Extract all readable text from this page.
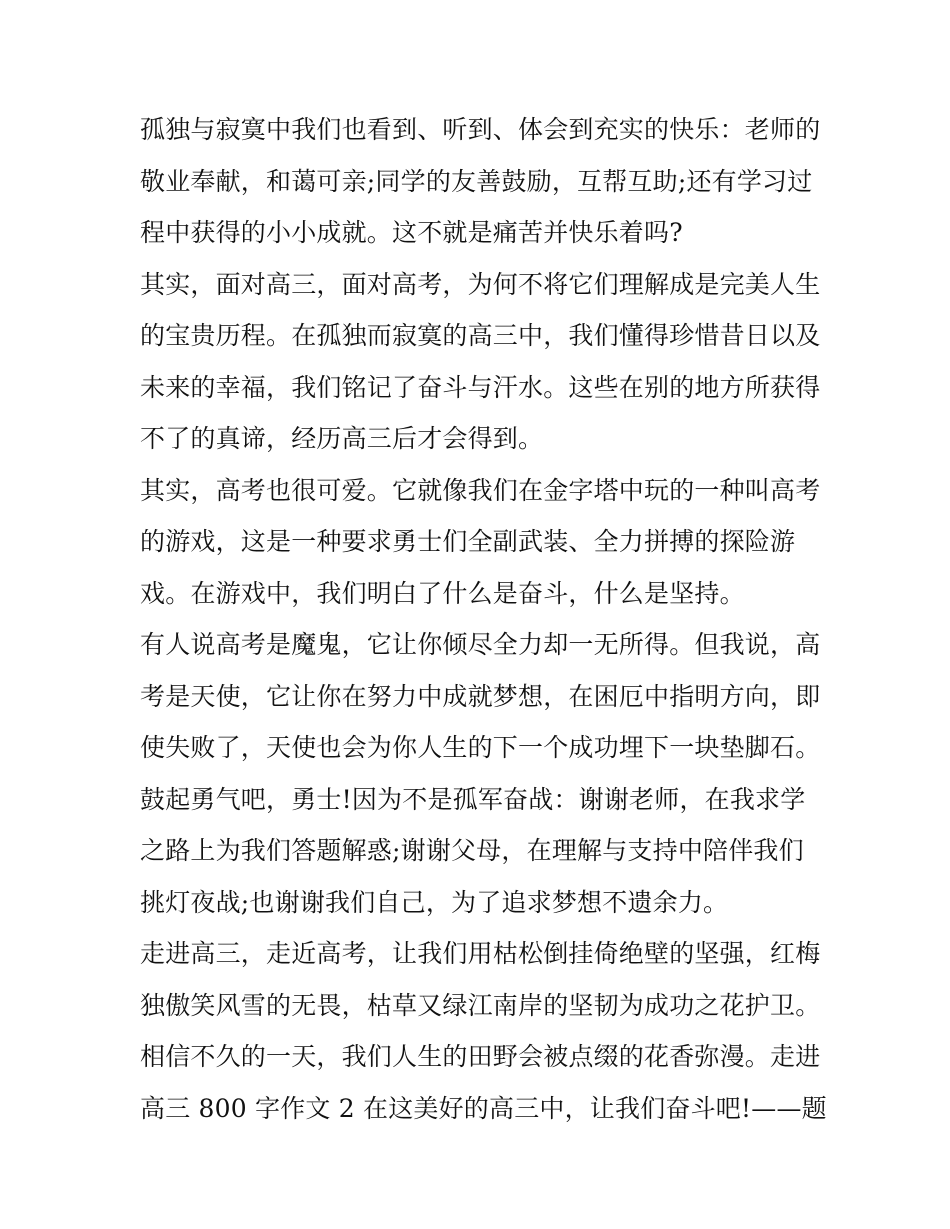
孤独与寂寞中我们也看到、听到、体会到充实的快乐：老师的
敬业奉献，和蔼可亲;同学的友善鼓励，互帮互助;还有学习过
程中获得的小小成就。这不就是痛苦并快乐着吗?

其实，面对高三，面对高考，为何不将它们理解成是完美人生
的宝贵历程。在孤独而寂寞的高三中，我们懂得珍惜昔日以及
未来的幸福，我们铭记了奋斗与汗水。这些在别的地方所获得
不了的真谛，经历高三后才会得到。

其实，高考也很可爱。它就像我们在金字塔中玩的一种叫高考
的游戏，这是一种要求勇士们全副武装、全力拼搏的探险游
戏。在游戏中，我们明白了什么是奋斗，什么是坚持。

有人说高考是魔鬼，它让你倾尽全力却一无所得。但我说，高
考是天使，它让你在努力中成就梦想，在困厄中指明方向，即
使失败了，天使也会为你人生的下一个成功埋下一块垫脚石。

鼓起勇气吧，勇士!因为不是孤军奋战：谢谢老师，在我求学
之路上为我们答题解惑;谢谢父母，在理解与支持中陪伴我们
挑灯夜战;也谢谢我们自己，为了追求梦想不遗余力。

走进高三，走近高考，让我们用枯松倒挂倚绝壁的坚强，红梅
独傲笑风雪的无畏，枯草又绿江南岸的坚韧为成功之花护卫。
相信不久的一天，我们人生的田野会被点缀的花香弥漫。走进
高三 800 字作文 2 在这美好的高三中，让我们奋斗吧!——题
